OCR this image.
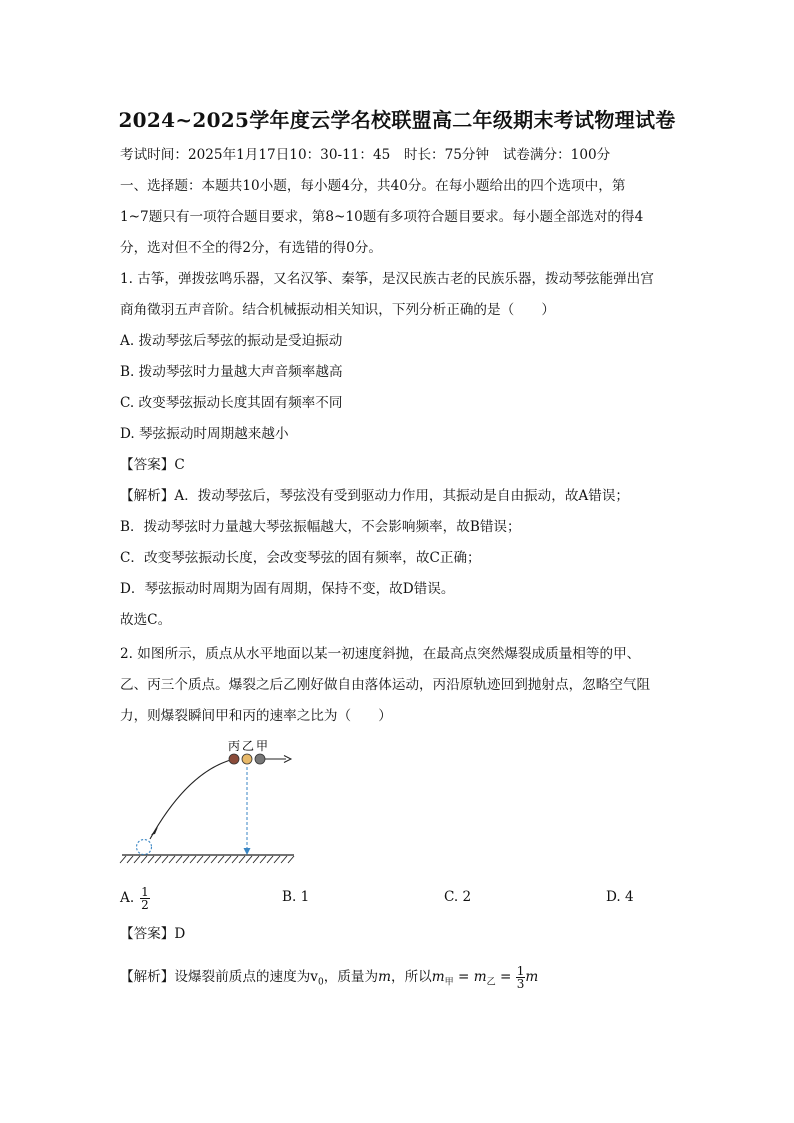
2024~2025学年度云学名校联盟高二年级期末考试物理试卷
考试时间：2025年1月17日10：30-11：45　时长：75分钟　试卷满分：100分
一、选择题：本题共10小题，每小题4分，共40分。在每小题给出的四个选项中，第
1~7题只有一项符合题目要求，第8~10题有多项符合题目要求。每小题全部选对的得4
分，选对但不全的得2分，有选错的得0分。
1. 古筝，弹拨弦鸣乐器，又名汉筝、秦筝，是汉民族古老的民族乐器，拨动琴弦能弹出宫
商角徵羽五声音阶。结合机械振动相关知识，下列分析正确的是（　　）
A. 拨动琴弦后琴弦的振动是受迫振动
B. 拨动琴弦时力量越大声音频率越高
C. 改变琴弦振动长度其固有频率不同
D. 琴弦振动时周期越来越小
【答案】C
【解析】A．拨动琴弦后，琴弦没有受到驱动力作用，其振动是自由振动，故A错误；
B．拨动琴弦时力量越大琴弦振幅越大，不会影响频率，故B错误；
C．改变琴弦振动长度，会改变琴弦的固有频率，故C正确；
D．琴弦振动时周期为固有周期，保持不变，故D错误。
故选C。
2. 如图所示，质点从水平地面以某一初速度斜抛，在最高点突然爆裂成质量相等的甲、
乙、丙三个质点。爆裂之后乙刚好做自由落体运动，丙沿原轨迹回到抛射点，忽略空气阻
力，则爆裂瞬间甲和丙的速率之比为（　　）
丙 乙 甲
A. $\frac{1}{2}$	B. 1	C. 2	D. 4
【答案】D
【解析】设爆裂前质点的速度为$v_0$，质量为m，所以$m_甲 = m_乙 = \frac{1}{3}$ m
